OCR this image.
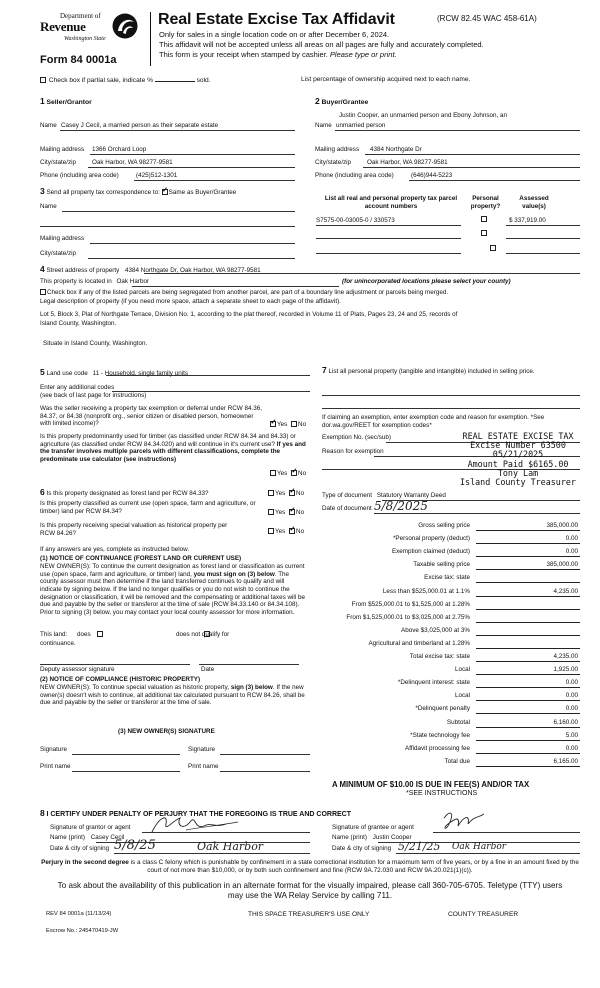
Department of
Revenue
Washington State
Form 84 0001a
Real Estate Excise Tax Affidavit	(RCW 82.45 WAC 458-61A)
Only for sales in a single location code on or after December 6, 2024.
This affidavit will not be accepted unless all areas on all pages are fully and accurately completed.
This form is your receipt when stamped by cashier. Please type or print.
Check box if partial sale, indicate %	sold.	List percentage of ownership acquired next to each name.
1 Seller/Grantor
Name Casey J Cecil, a married person as their separate estate
Mailing address 1366 Orchard Loop
City/state/zip	Oak Harbor, WA 98277-9581
Phone (including area code)	(425)512-1301
2 Buyer/Grantee
Justin Cooper, an unmarried person and Ebony Johnson, an
Name unmarried person
Mailing address 4384 Northgate Dr
City/state/zip	Oak Harbor, WA 98277-9581
Phone (including area code)	(646)944-5223
3 Send all property tax correspondence to: ✓ Same as Buyer/Grantee
Name
Mailing address
City/state/zip
List all real and personal property tax parcel account numbers
Personal property?
Assessed value(s)
S7575-00-03005-0 / 330573	$ 337,919.00

4 Street address of property 4384 Northgate Dr, Oak Harbor, WA 98277-9581
This property is located in Oak Harbor	(for unincorporated locations please select your county)
Check box if any of the listed parcels are being segregated from another parcel, are part of a boundary line adjustment or parcels being merged.
Legal description of property (if you need more space, attach a separate sheet to each page of the affidavit).
Lot 5, Block 3, Plat of Northgate Terrace, Division No. 1, according to the plat thereof, recorded in Volume 11 of Plats, Pages 23, 24 and 25, records of
Island County, Washington.
Situate in Island County, Washington.
5 Land use code 11 - Household, single family units
Enter any additional codes
(see back of last page for instructions)
Was the seller receiving a property tax exemption or deferral under RCW 84.36, 84.37, or 84.38 (nonprofit org., senior citizen or disabled person, homeowner with limited income)? ✓	Yes No
Is this property predominantly used for timber (as classified under RCW 84.34 and 84.33) or agriculture (as classified under RCW 84.34.020) and will continue in it's current use? If yes and the transfer involves multiple parcels with different classifications, complete the predominate use calculator (see instructions)
Yes ✓ No
7 List all personal property (tangible and intangible) included in selling price.
If claiming an exemption, enter exemption code and reason for exemption. *See dor.wa.gov/REET for exemption codes*
Exemption No. (sec/sub)
Reason for exemption
REAL ESTATE EXCISE TAX
Excise Number 63500
05/21/2025
Amount Paid $6165.00
Tony Lam
Island County Treasurer
6 Is this property designated as forest land per RCW 84.33?	Yes ✓ No
Is this property classified as current use (open space, farm and agriculture, or timber) land per RCW 84.34?	Yes ✓ No
Is this property receiving special valuation as historical property per RCW 84.26?	Yes ✓ No
If any answers are yes, complete as instructed below.
(1) NOTICE OF CONTINUANCE (FOREST LAND OR CURRENT USE)
NEW OWNER(S): To continue the current designation as forest land or classification as current use (open space, farm and agriculture, or timber) land, you must sign on (3) below. The county assessor must then determine if the land transferred continues to qualify and will indicate by signing below. If the land no longer qualifies or you do not wish to continue the designation or classification, it will be removed and the compensating or additional taxes will be due and payable by the seller or transferor at the time of sale (RCW 84.33.140 or 84.34.108). Prior to signing (3) below, you may contact your local county assessor for more information.
This land: does	does not qualify for
continuance.
Deputy assessor signature	Date
(2) NOTICE OF COMPLIANCE (HISTORIC PROPERTY)
NEW OWNER(S): To continue special valuation as historic property, sign (3) below. If the new owner(s) doesn't wish to continue, all additional tax calculated pursuant to RCW 84.26, shall be due and payable by the seller or transferor at the time of sale.
(3) NEW OWNER(S) SIGNATURE
Signature	Signature
Print name	Print name
Type of document Statutory Warranty Deed
Date of document 5/8/2025
Gross selling price	385,000.00
*Personal property (deduct)	0.00
Exemption claimed (deduct)	0.00
Taxable selling price	385,000.00
Excise tax: state
Less than $525,000.01 at 1.1%	4,235.00
From $525,000.01 to $1,525,000 at 1.28%
From $1,525,000.01 to $3,025,000 at 2.75%
Above $3,025,000 at 3%
Agricultural and timberland at 1.28%
Total excise tax: state	4,235.00
Local	1,925.00
*Delinquent interest: state	0.00
Local	0.00
*Delinquent penalty	0.00
Subtotal	6,160.00
*State technology fee	5.00
Affidavit processing fee	0.00
Total due	6,165.00
A MINIMUM OF $10.00 IS DUE IN FEE(S) AND/OR TAX
*SEE INSTRUCTIONS
8 I CERTIFY UNDER PENALTY OF PERJURY THAT THE FOREGOING IS TRUE AND CORRECT
Signature of grantor or agent
Name (print) Casey Cecil
Date & city of signing 5/8/25	Oak Harbor
Signature of grantee or agent
Name (print) Justin Cooper
Date & city of signing 5/21/25 Oak Harbor
Perjury in the second degree is a class C felony which is punishable by confinement in a state correctional institution for a maximum term of five years, or by a fine in an amount fixed by the court of not more than $10,000, or by both such confinement and fine (RCW 9A.72.030 and RCW 9A.20.021(1)(c)).
To ask about the availability of this publication in an alternate format for the visually impaired, please call 360-705-6705. Teletype (TTY) users may use the WA Relay Service by calling 711.
REV 84 0001a (11/13/24)	THIS SPACE TREASURER'S USE ONLY	COUNTY TREASURER
Escrow No.: 245470419-JW
